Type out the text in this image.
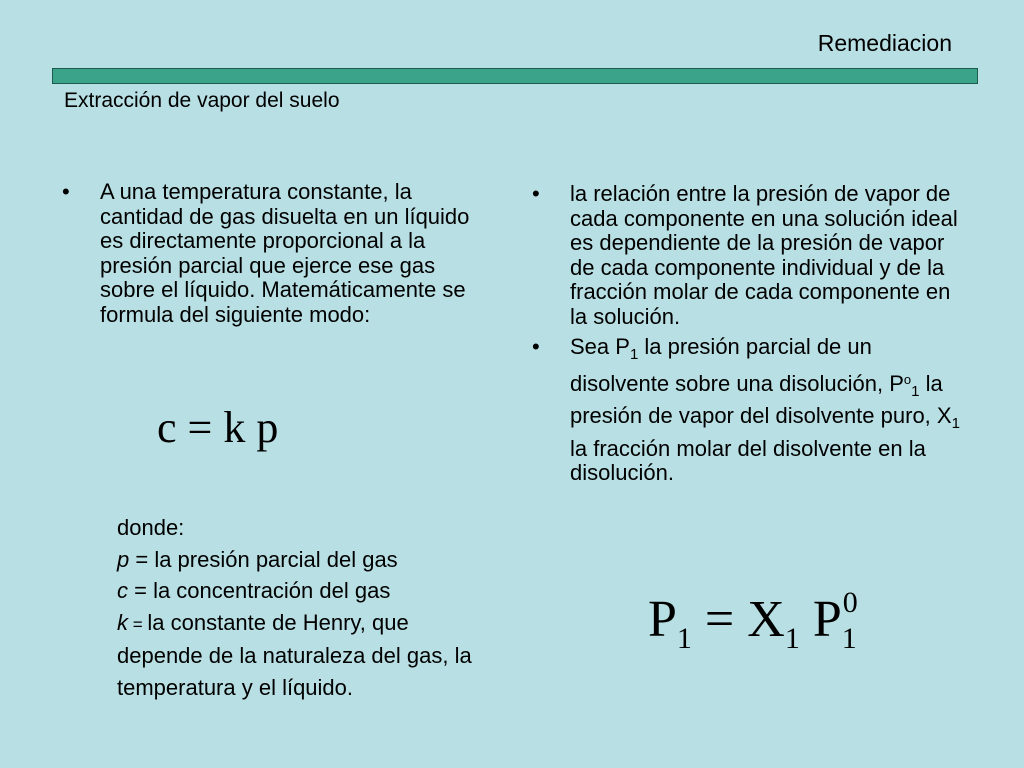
Remediacion
Extracción de vapor del suelo
• A una temperatura constante, la cantidad de gas disuelta en un líquido es directamente proporcional a la presión parcial que ejerce ese gas sobre el líquido. Matemáticamente se formula del siguiente modo:
c = k p
donde:
p = la presión parcial del gas
c = la concentración del gas
k = la constante de Henry, que depende de la naturaleza del gas, la temperatura y el líquido.
• la relación entre la presión de vapor de cada componente en una solución ideal es dependiente de la presión de vapor de cada componente individual y de la fracción molar de cada componente en la solución.
• Sea $P_1$ la presión parcial de un disolvente sobre una disolución, $P^o_1$ la presión de vapor del disolvente puro, $X_1$ la fracción molar del disolvente en la disolución.
$P_1 = X_1$ $P_1^0$
